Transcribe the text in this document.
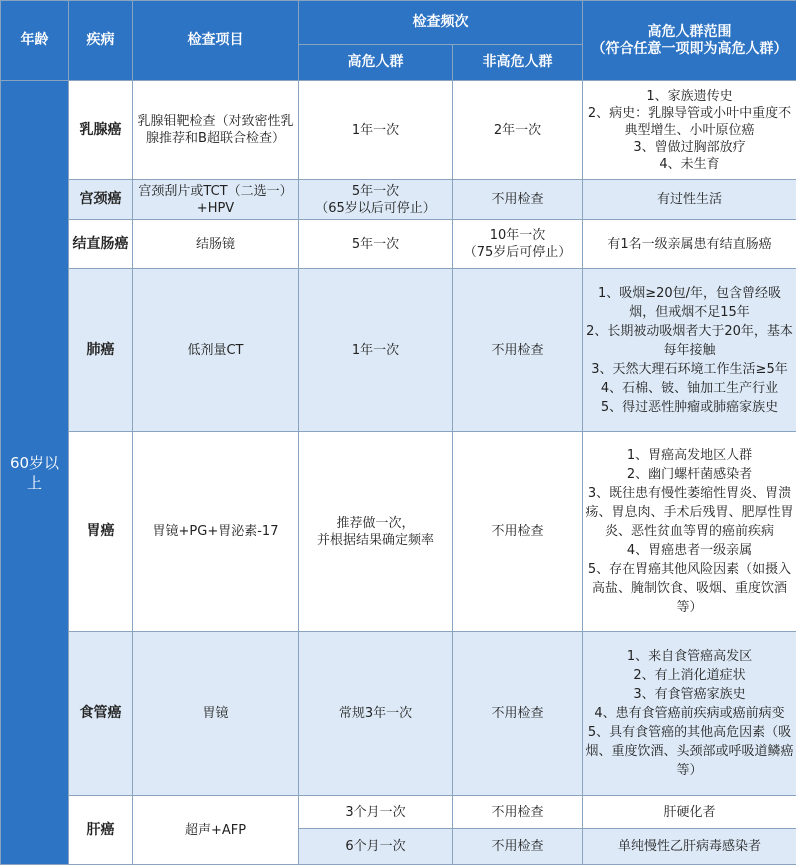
年龄	疾病	检查项目	检查频次		高危人群范围
（符合任意一项即为高危人群）

			高危人群	非高危人群	
60岁以上	乳腺癌	乳腺钼靶检查（对致密性乳腺推荐和B超联合检查）	1年一次	2年一次	1、家族遗传史
2、病史：乳腺导管或小叶中重度不典型增生、小叶原位癌
3、曾做过胸部放疗
4、未生育

	宫颈癌	宫颈刮片或TCT（二选一）+HPV	5年一次
（65岁以后可停止）	不用检查	有过性生活

	结直肠癌	结肠镜	5年一次	10年一次
（75岁后可停止）	有1名一级亲属患有结直肠癌

	肺癌	低剂量CT	1年一次	不用检查	1、吸烟≥20包/年，包含曾经吸烟，但戒烟不足15年
2、长期被动吸烟者大于20年，基本每年接触
3、天然大理石环境工作生活≥5年
4、石棉、铍、铀加工生产行业
5、得过恶性肿瘤或肺癌家族史

	胃癌	胃镜+PG+胃泌素-17	推荐做一次，
并根据结果确定频率	不用检查	1、胃癌高发地区人群
2、幽门螺杆菌感染者
3、既往患有慢性萎缩性胃炎、胃溃疡、胃息肉、手术后残胃、肥厚性胃炎、恶性贫血等胃的癌前疾病
4、胃癌患者一级亲属
5、存在胃癌其他风险因素（如摄入高盐、腌制饮食、吸烟、重度饮酒等）

	食管癌	胃镜	常规3年一次	不用检查	1、来自食管癌高发区
2、有上消化道症状
3、有食管癌家族史
4、患有食管癌前疾病或癌前病变
5、具有食管癌的其他高危因素（吸烟、重度饮酒、头颈部或呼吸道鳞癌等）

	肝癌	超声+AFP	3个月一次	不用检查	肝硬化者
			6个月一次	不用检查	单纯慢性乙肝病毒感染者
